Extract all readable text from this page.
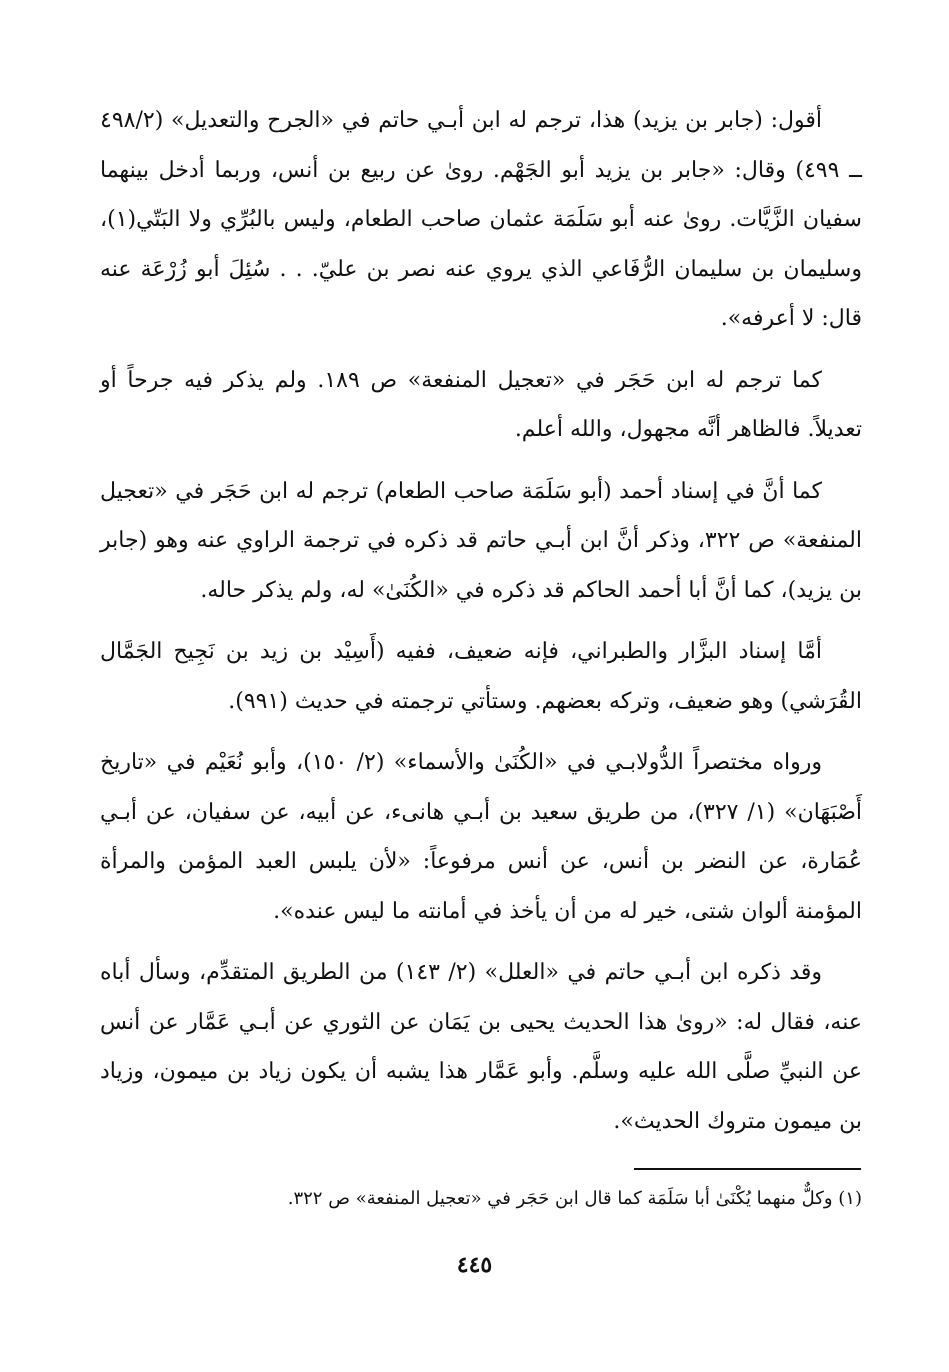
أقول: (جابر بن يزيد) هذا، ترجم له ابن أبـي حاتم في «الجرح والتعديل» (٤٩٨/٢ ــ ٤٩٩) وقال: «جابر بن يزيد أبو الجَهْم. روىٰ عن ربيع بن أنس، وربما أدخل بينهما سفيان الزَّيَّات. روىٰ عنه أبو سَلَمَة عثمان صاحب الطعام، وليس بالبُرِّي ولا البَتّي(١)، وسليمان بن سليمان الرُّفَاعي الذي يروي عنه نصر بن عليّ. . . سُئِلَ أبو زُرْعَة عنه قال: لا أعرفه».

كما ترجم له ابن حَجَر في «تعجيل المنفعة» ص ١٨٩. ولم يذكر فيه جرحاً أو تعديلاً. فالظاهر أنَّه مجهول، والله أعلم.

كما أنَّ في إسناد أحمد (أبو سَلَمَة صاحب الطعام) ترجم له ابن حَجَر في «تعجيل المنفعة» ص ٣٢٢، وذكر أنَّ ابن أبـي حاتم قد ذكره في ترجمة الراوي عنه وهو (جابر بن يزيد)، كما أنَّ أبا أحمد الحاكم قد ذكره في «الكُنَىٰ» له، ولم يذكر حاله.

أمَّا إسناد البزَّار والطبراني، فإنه ضعيف، ففيه (أَسِيْد بن زيد بن نَجِيح الجَمَّال القُرَشي) وهو ضعيف، وتركه بعضهم. وستأتي ترجمته في حديث (٩٩١).

ورواه مختصراً الدُّولابـي في «الكُنَىٰ والأسماء» (٢/ ١٥٠)، وأبو نُعَيْم في «تاريخ أَصْبَهَان» (١/ ٣٢٧)، من طريق سعيد بن أبـي هانىء، عن أبيه، عن سفيان، عن أبـي عُمَارة، عن النضر بن أنس، عن أنس مرفوعاً: «لأن يلبس العبد المؤمن والمرأة المؤمنة ألوان شتى، خير له من أن يأخذ في أمانته ما ليس عنده».

وقد ذكره ابن أبـي حاتم في «العلل» (٢/ ١٤٣) من الطريق المتقدِّم، وسأل أباه عنه، فقال له: «روىٰ هذا الحديث يحيى بن يَمَان عن الثوري عن أبـي عَمَّار عن أنس عن النبيِّ صلَّى الله عليه وسلَّم. وأبو عَمَّار هذا يشبه أن يكون زياد بن ميمون، وزياد بن ميمون متروك الحديث».

(١) وكلٌّ منهما يُكْنَىٰ أبا سَلَمَة كما قال ابن حَجَر في «تعجيل المنفعة» ص ٣٢٢.
٤٤٥
